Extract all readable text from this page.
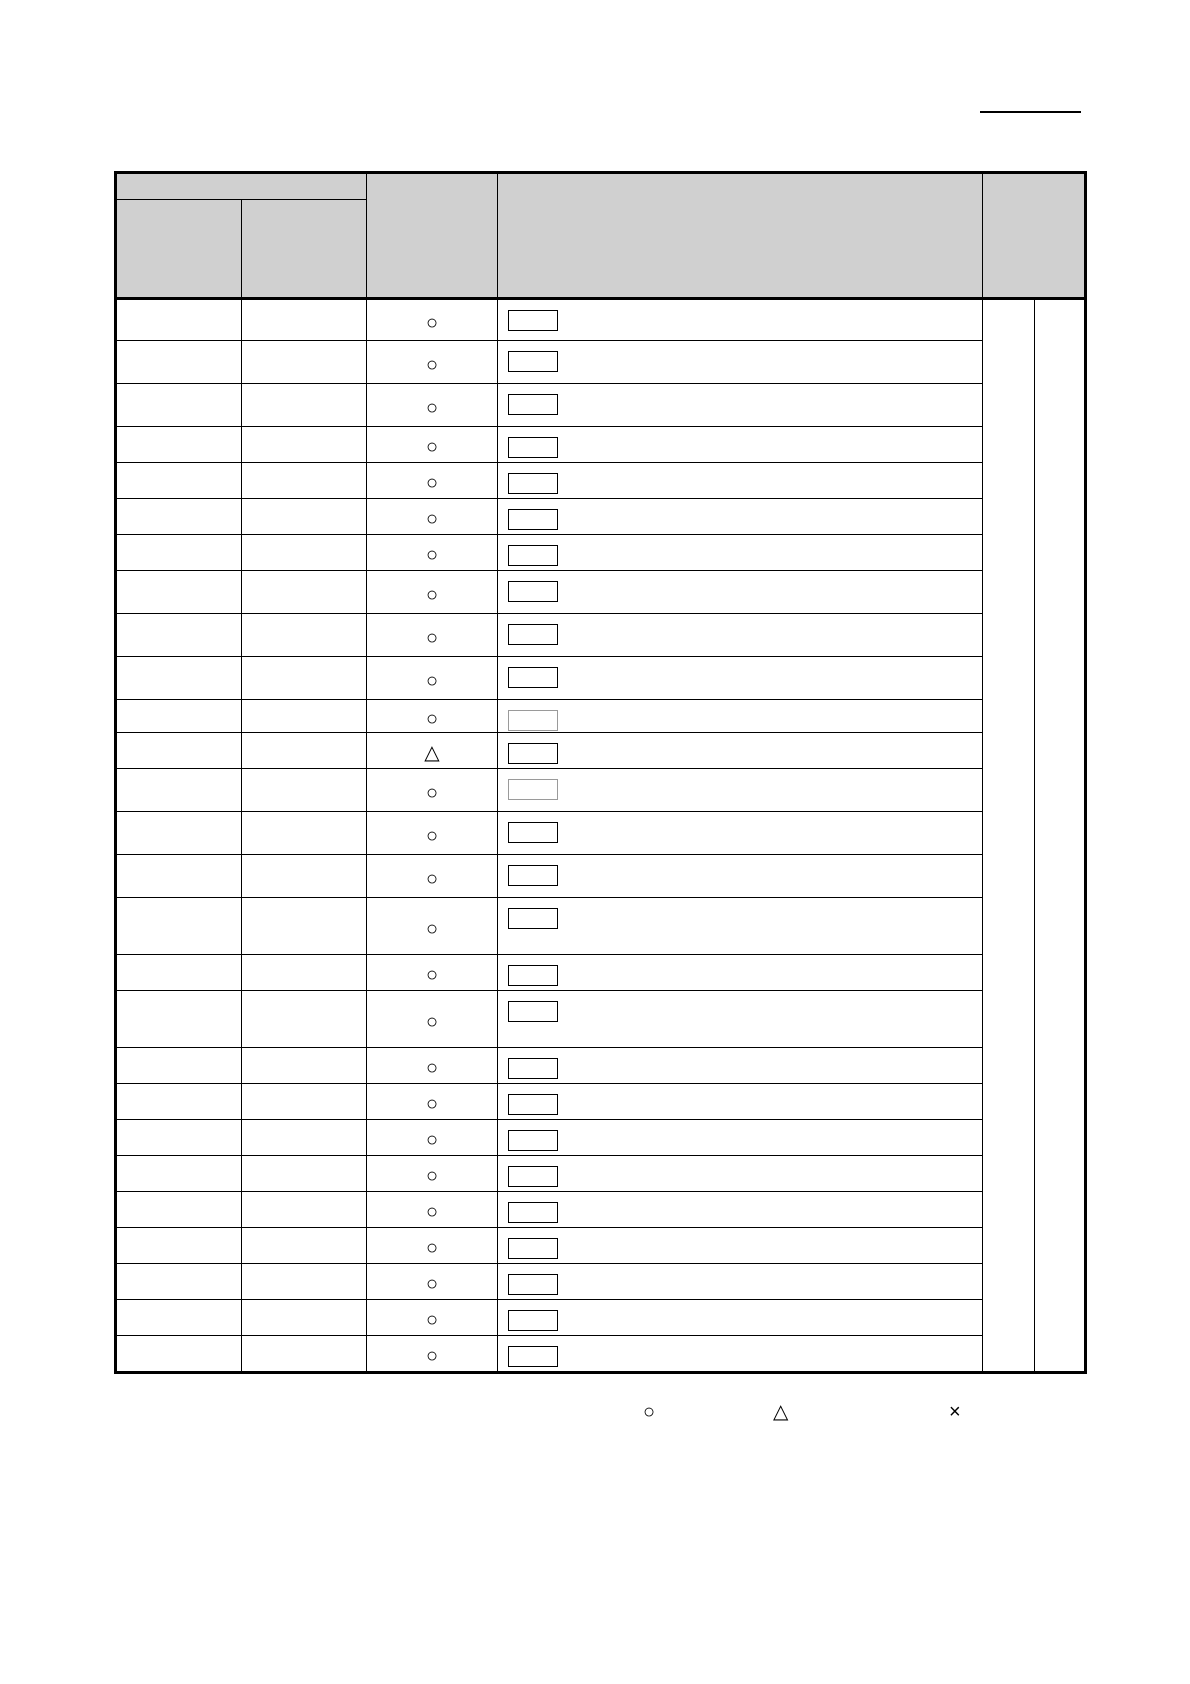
		○	

		○			

		○			

		○			

		○			

		○			

		○			

		○			

		○			

		○			

		○			

		△			

		○			

		○			

		○			

		○			

		○			

		○			

		○			

		○			

		○			

		○			

		○			

		○			

		○			

		○			

		○			
○	△	×
